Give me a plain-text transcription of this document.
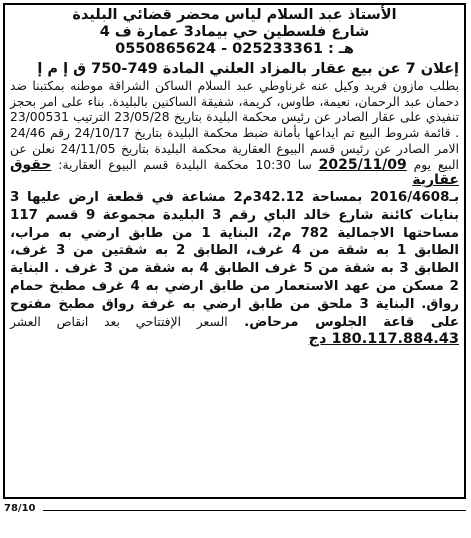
الأستاذ عبد السلام لياس محضر قضائي البليدة
4 شارع فلسطين حي بيماد3 عمارة ف
هـ : 025233361 - 0550865624
إعلان 7 عن بيع عقار بالمزاد العلني المادة 749-750 ق إ م إ

بطلب مازون فريد وكيل عنه غرناوطي عبد السلام الساكن الشراقة موطنه بمكتبنا ضد دحمان عبد الرحمان، نعيمة، طاوس، كريمة، شفيقة الساكنين بالبليدة. بناء على امر بحجز تنفيذي على عقار الصادر عن رئيس محكمة البليدة بتاريخ 23/05/28 الترتيب 23/00531 . قائمة شروط البيع تم ايداعها بأمانة ضبط محكمة البليدة بتاريخ 24/10/17 رقم 24/46 الامر الصادر عن رئيس قسم البيوع العقارية محكمة البليدة بتاريخ 24/11/05 نعلن عن البيع يوم 2025/11/09 سا 10:30 محكمة البليدة قسم البيوع العقارية: حقوق عقارية

بـ2016/4608 بمساحة 342.12م2 مشاعة في قطعة ارض عليها 3 بنايات كائنة شارع خالد الباي رقم 3 البليدة مجموعة 9 قسم 117 مساحتها الاجمالية 782 م2، البناية 1 من طابق ارضي به مراب، الطابق 1 به شقة من 4 غرف، الطابق 2 به شقتين من 3 غرف، الطابق 3 به شقة من 5 غرف الطابق 4 به شقة من 3 غرف . البناية 2 مسكن من عهد الاستعمار من طابق ارضي به 4 غرف مطبخ حمام رواق. البناية 3 ملحق من طابق ارضي به غرفة رواق مطبخ مفتوح على قاعة الجلوس مرحاض. السعر الإفتتاحي بعد انقاص العشر 180.117.884.43 دج

78/10
